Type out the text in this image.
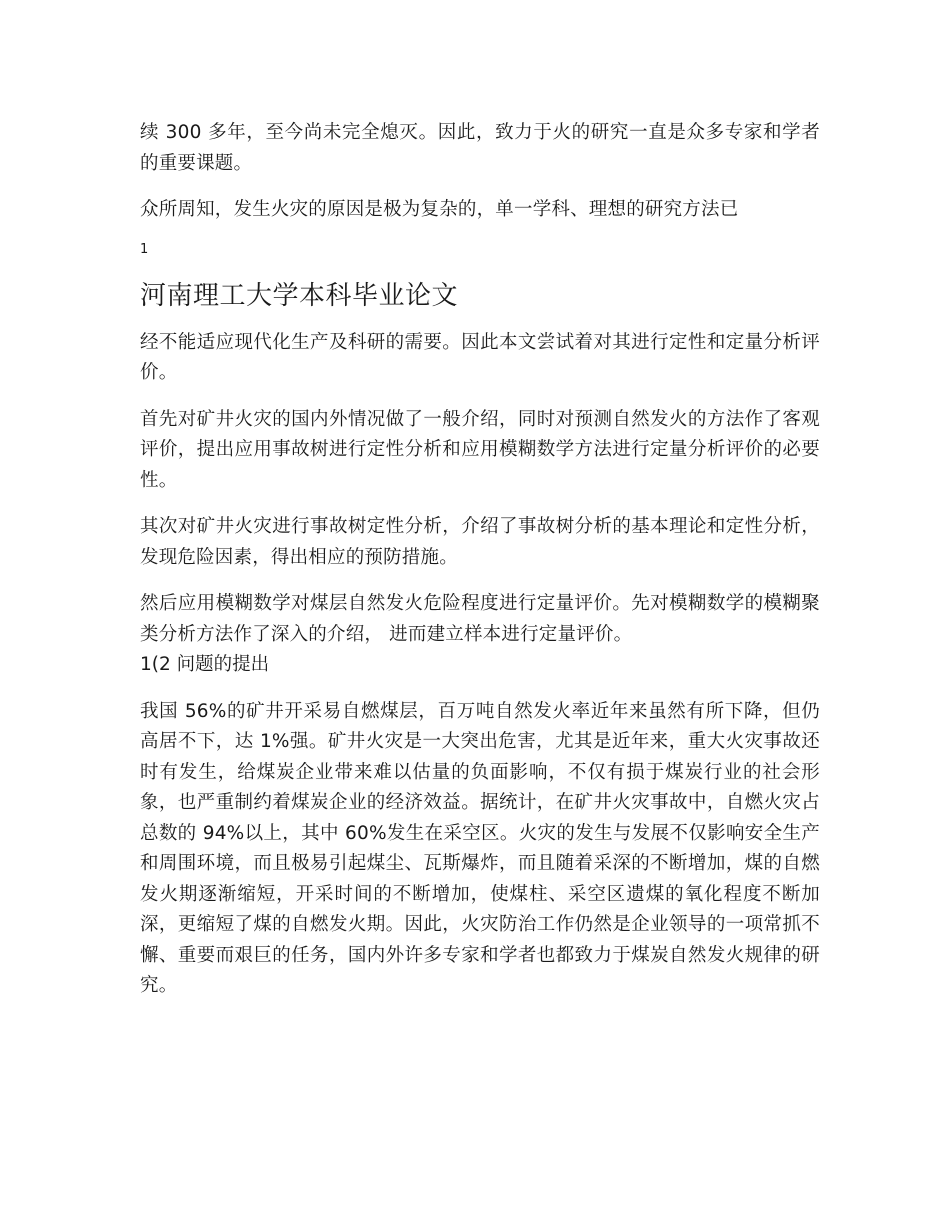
续 300 多年，至今尚未完全熄灭。因此，致力于火的研究一直是众多专家和学者的重要课题。

众所周知，发生火灾的原因是极为复杂的，单一学科、理想的研究方法已

1
河南理工大学本科毕业论文

经不能适应现代化生产及科研的需要。因此本文尝试着对其进行定性和定量分析评价。

首先对矿井火灾的国内外情况做了一般介绍，同时对预测自然发火的方法作了客观评价，提出应用事故树进行定性分析和应用模糊数学方法进行定量分析评价的必要性。

其次对矿井火灾进行事故树定性分析，介绍了事故树分析的基本理论和定性分析，发现危险因素，得出相应的预防措施。

然后应用模糊数学对煤层自然发火危险程度进行定量评价。先对模糊数学的模糊聚类分析方法作了深入的介绍， 进而建立样本进行定量评价。

1(2 问题的提出

我国 56%的矿井开采易自燃煤层，百万吨自然发火率近年来虽然有所下降，但仍高居不下，达 1%强。矿井火灾是一大突出危害，尤其是近年来，重大火灾事故还时有发生，给煤炭企业带来难以估量的负面影响，不仅有损于煤炭行业的社会形象，也严重制约着煤炭企业的经济效益。据统计，在矿井火灾事故中，自燃火灾占总数的 94%以上，其中 60%发生在采空区。火灾的发生与发展不仅影响安全生产和周围环境，而且极易引起煤尘、瓦斯爆炸，而且随着采深的不断增加，煤的自燃发火期逐渐缩短，开采时间的不断增加，使煤柱、采空区遗煤的氧化程度不断加深，更缩短了煤的自燃发火期。因此，火灾防治工作仍然是企业领导的一项常抓不懈、重要而艰巨的任务，国内外许多专家和学者也都致力于煤炭自然发火规律的研究。
